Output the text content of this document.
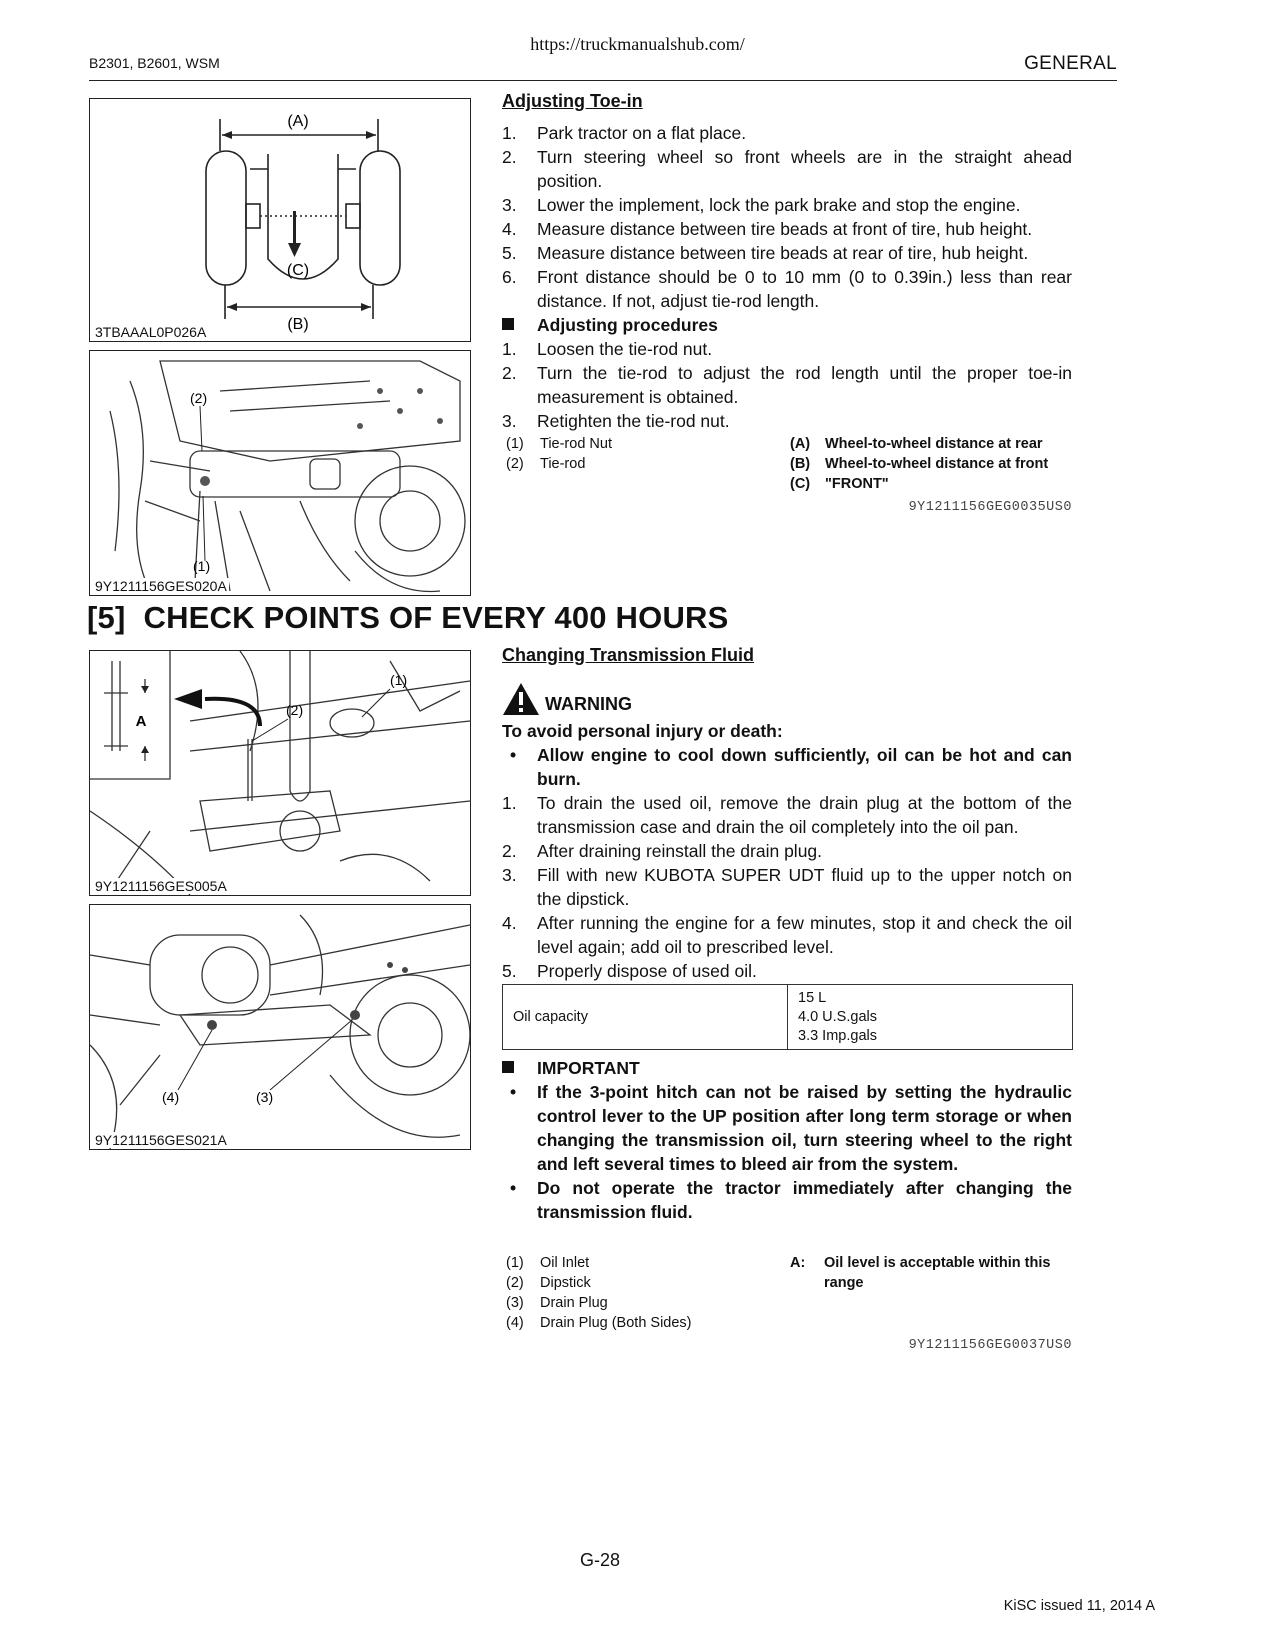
https://truckmanualshub.com/
B2301, B2601, WSM	GENERAL
(A)
(C)
(B)
3TBAAAL0P026A
(2)
(1)
9Y1211156GES020A
Adjusting Toe-in
1.	Park tractor on a flat place.
2.	Turn steering wheel so front wheels are in the straight ahead position.
3.	Lower the implement, lock the park brake and stop the engine.
4.	Measure distance between tire beads at front of tire, hub height.
5.	Measure distance between tire beads at rear of tire, hub height.
6.	Front distance should be 0 to 10 mm (0 to 0.39in.) less than rear distance. If not, adjust tie-rod length.
Adjusting procedures
1.	Loosen the tie-rod nut.
2.	Turn the tie-rod to adjust the rod length until the proper toe-in measurement is obtained.
3.	Retighten the tie-rod nut.
(1) Tie-rod Nut
(2) Tie-rod
(A) Wheel-to-wheel distance at rear
(B) Wheel-to-wheel distance at front
(C) "FRONT"
9Y1211156GEG0035US0
[5] CHECK POINTS OF EVERY 400 HOURS
A
(1)
(2)
9Y1211156GES005A
(4)	(3)
9Y1211156GES021A
Changing Transmission Fluid
WARNING
To avoid personal injury or death:
•	Allow engine to cool down sufficiently, oil can be hot and can burn.
1.	To drain the used oil, remove the drain plug at the bottom of the transmission case and drain the oil completely into the oil pan.
2.	After draining reinstall the drain plug.
3.	Fill with new KUBOTA SUPER UDT fluid up to the upper notch on the dipstick.
4.	After running the engine for a few minutes, stop it and check the oil level again; add oil to prescribed level.
5.	Properly dispose of used oil.
Oil capacity	
15 L
4.0 U.S.gals
3.3 Imp.gals
IMPORTANT
•	If the 3-point hitch can not be raised by setting the hydraulic control lever to the UP position after long term storage or when changing the transmission oil, turn steering wheel to the right and left several times to bleed air from the system.
•	Do not operate the tractor immediately after changing the transmission fluid.
(1) Oil Inlet
(2) Dipstick
(3) Drain Plug
(4) Drain Plug (Both Sides)
A:	Oil level is acceptable within this range
9Y1211156GEG0037US0
G-28
KiSC issued 11, 2014 A
